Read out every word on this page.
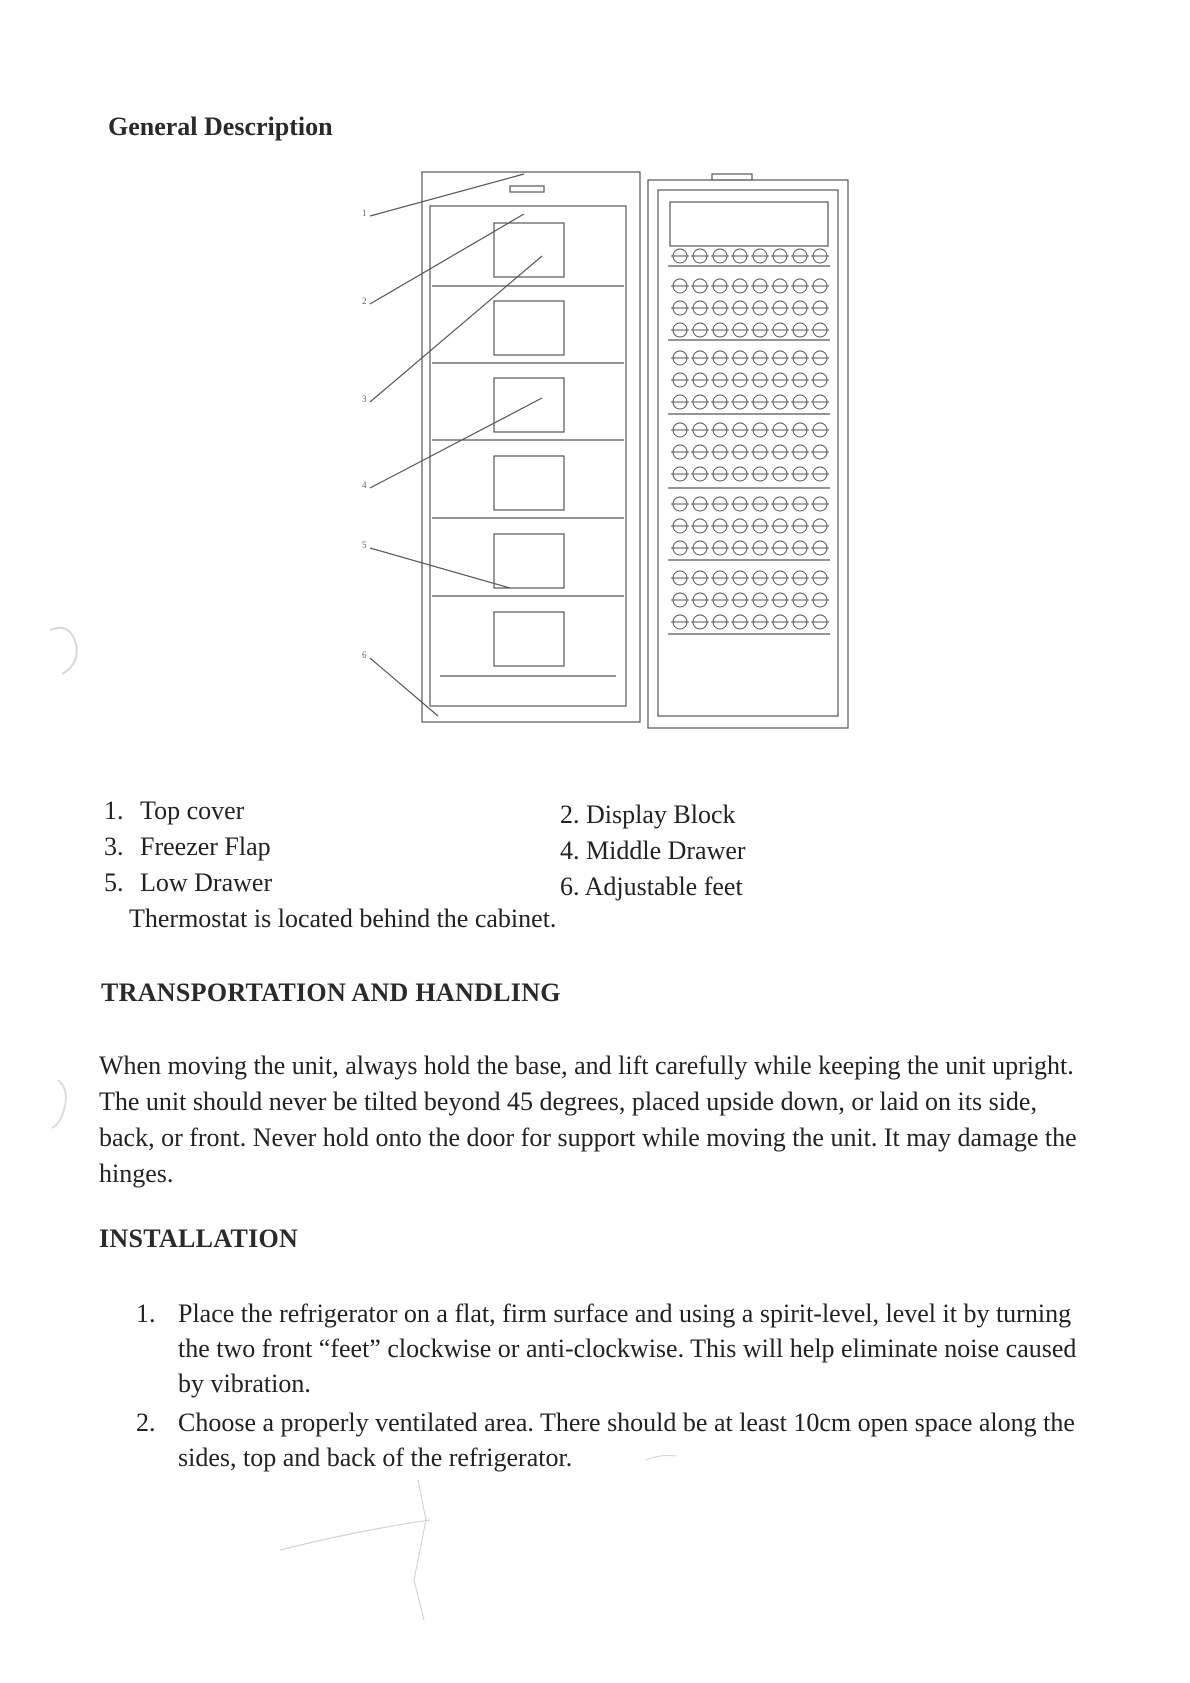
General Description
1
2
3
4
5
6
1. Top cover	2. Display Block
3. Freezer Flap	4. Middle Drawer
5. Low Drawer	6. Adjustable feet
Thermostat is located behind the cabinet.
TRANSPORTATION AND HANDLING
When moving the unit, always hold the base, and lift carefully while keeping the unit upright. The unit should never be tilted beyond 45 degrees, placed upside down, or laid on its side, back, or front. Never hold onto the door for support while moving the unit. It may damage the hinges.
INSTALLATION
1. Place the refrigerator on a flat, firm surface and using a spirit-level, level it by turning the two front “feet” clockwise or anti-clockwise. This will help eliminate noise caused by vibration.
2. Choose a properly ventilated area. There should be at least 10cm open space along the sides, top and back of the refrigerator.
